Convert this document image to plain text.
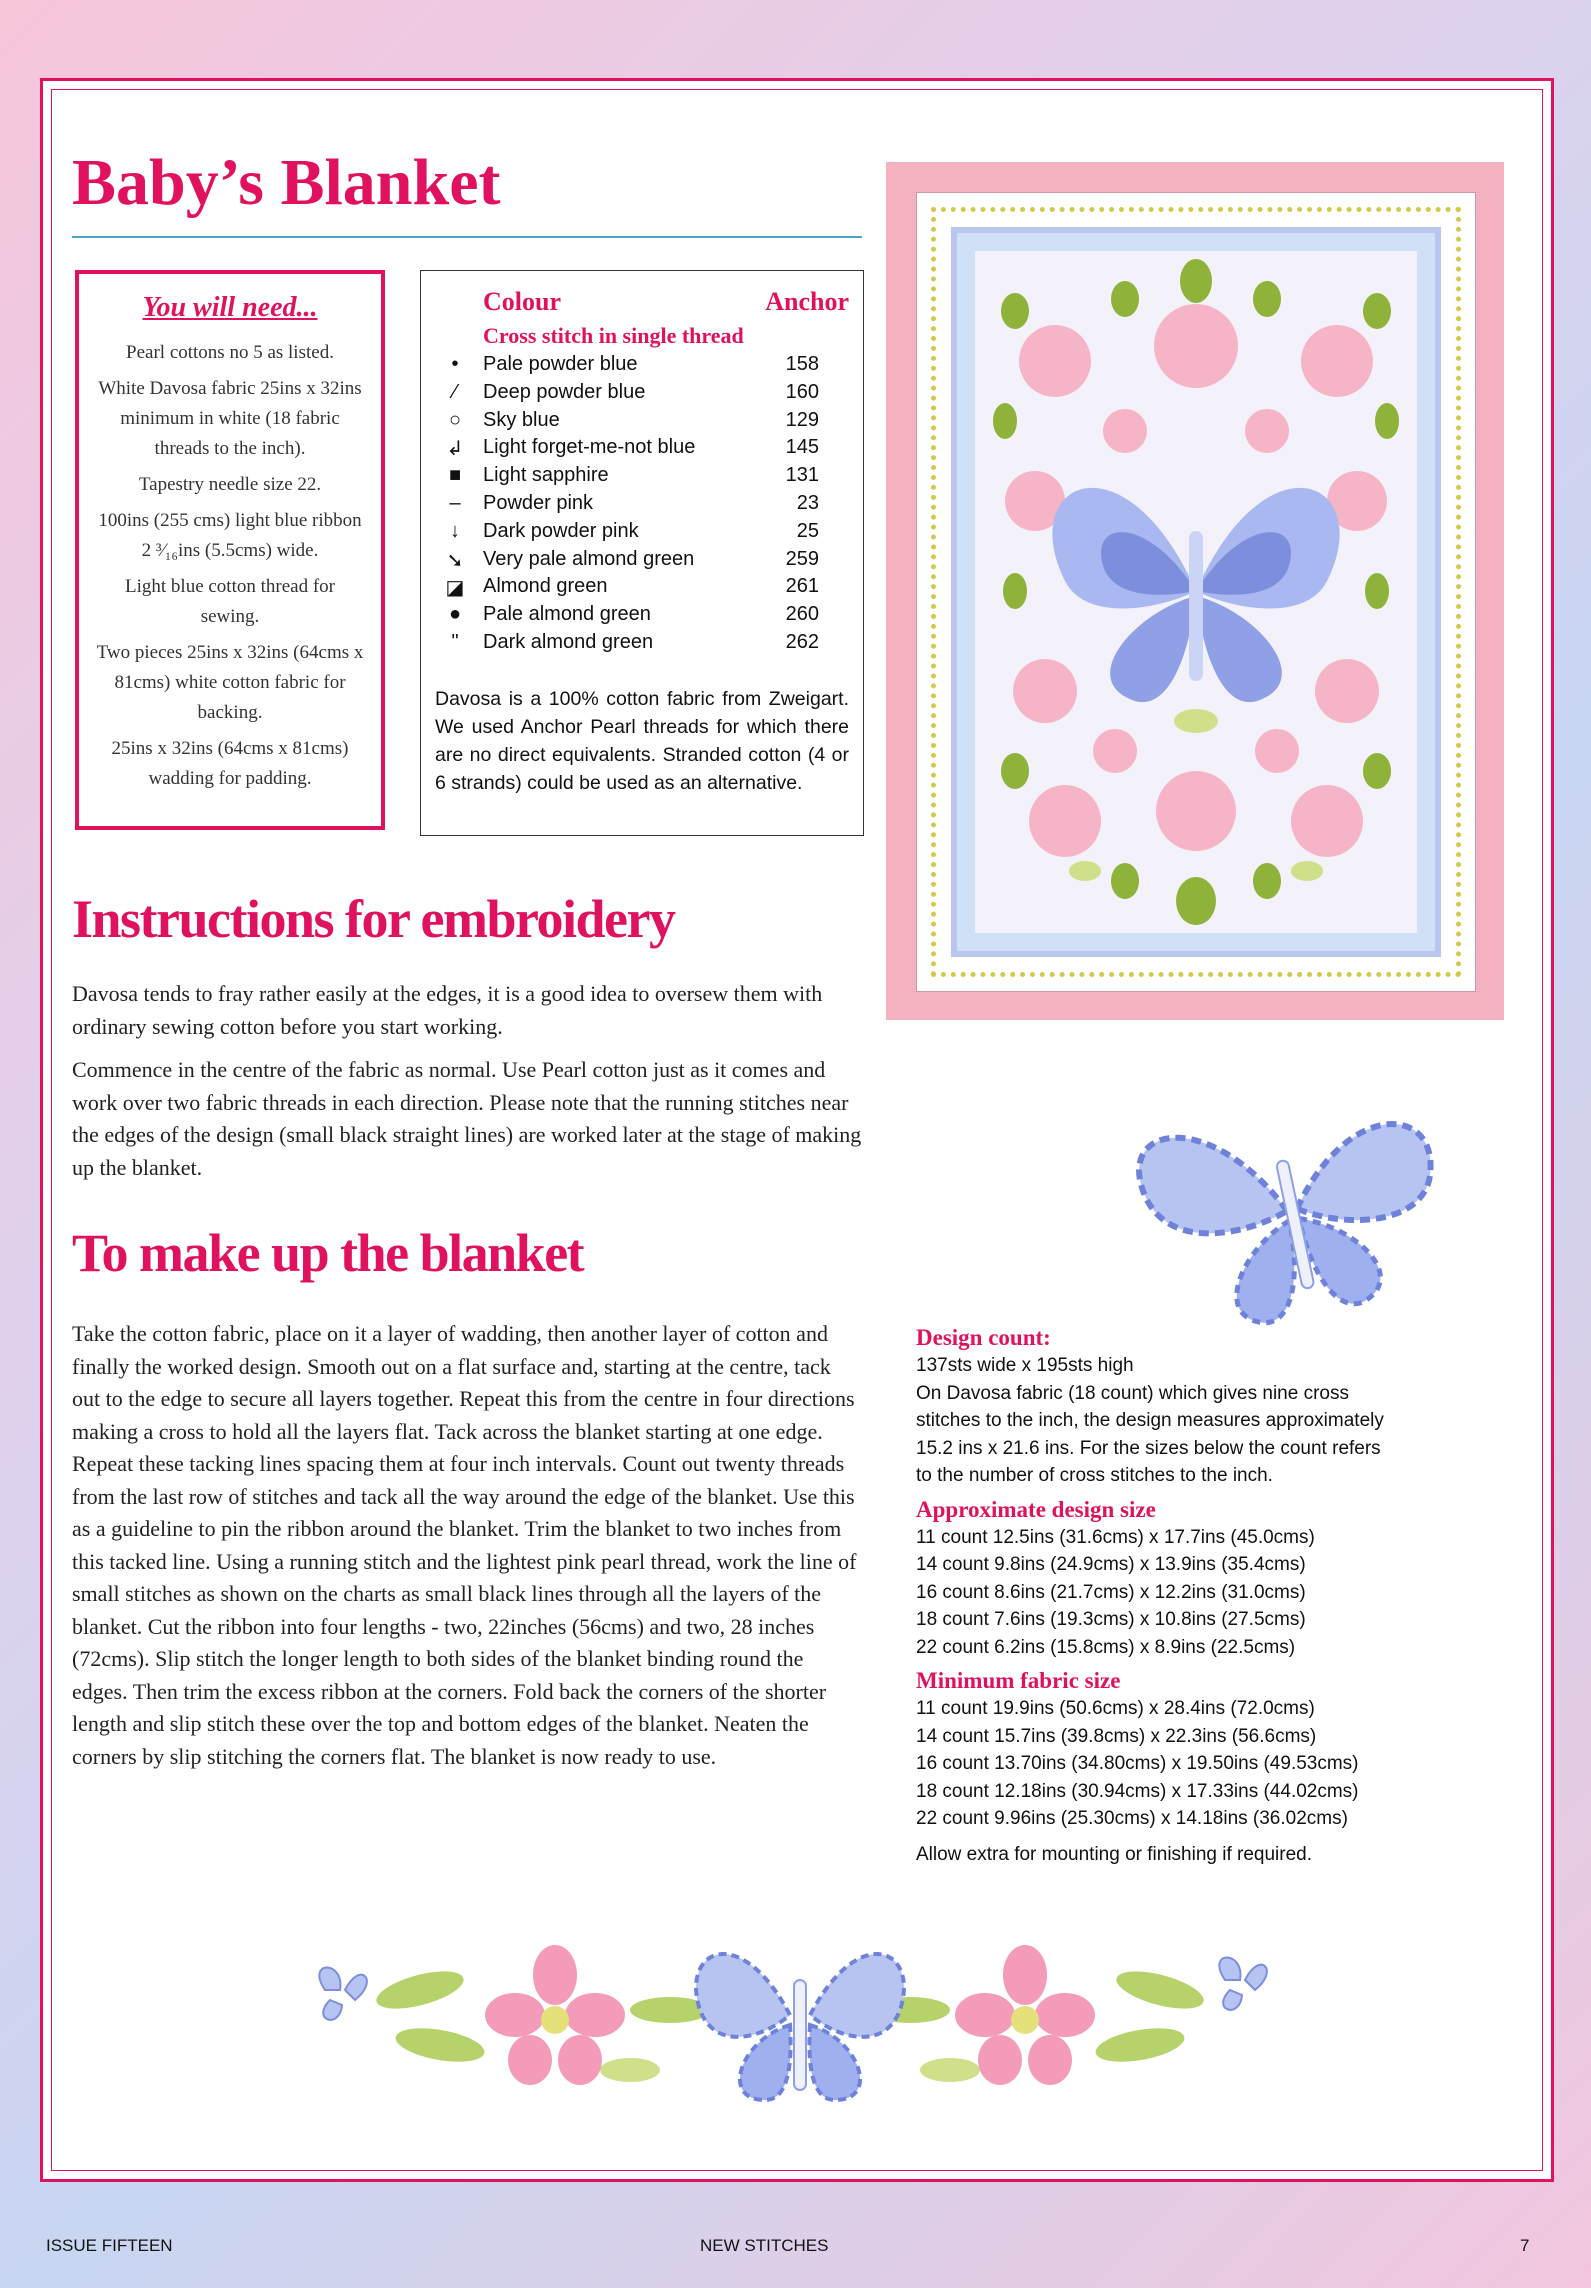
Baby’s Blanket

You will need...

Pearl cottons no 5 as listed.

White Davosa fabric 25ins x 32ins minimum in white (18 fabric threads to the inch).

Tapestry needle size 22.

100ins (255 cms) light blue ribbon 2 ³⁄₁₆ins (5.5cms) wide.

Light blue cotton thread for sewing.

Two pieces 25ins x 32ins (64cms x 81cms) white cotton fabric for backing.

25ins x 32ins (64cms x 81cms) wadding for padding.

Colour	Anchor
Cross stitch in single thread
•	Pale powder blue	158
⁄	Deep powder blue	160
○ Sky blue	129
↲ Light forget-me-not blue	145
■ Light sapphire	131
– Powder pink	23
↓ Dark powder pink	25
➘ Very pale almond green	259
◪ Almond green	261
● Pale almond green	260
"	Dark almond green	262
Davosa is a 100% cotton fabric from Zweigart. We used Anchor Pearl threads for which there are no direct equivalents. Stranded cotton (4 or 6 strands) could be used as an alternative.
Instructions for embroidery

Davosa tends to fray rather easily at the edges, it is a good idea to oversew them with ordinary sewing cotton before you start working.

Commence in the centre of the fabric as normal. Use Pearl cotton just as it comes and work over two fabric threads in each direction. Please note that the running stitches near the edges of the design (small black straight lines) are worked later at the stage of making up the blanket.

To make up the blanket

Take the cotton fabric, place on it a layer of wadding, then another layer of cotton and finally the worked design. Smooth out on a flat surface and, starting at the centre, tack out to the edge to secure all layers together. Repeat this from the centre in four directions making a cross to hold all the layers flat. Tack across the blanket starting at one edge. Repeat these tacking lines spacing them at four inch intervals. Count out twenty threads from the last row of stitches and tack all the way around the edge of the blanket. Use this as a guideline to pin the ribbon around the blanket. Trim the blanket to two inches from this tacked line. Using a running stitch and the lightest pink pearl thread, work the line of small stitches as shown on the charts as small black lines through all the layers of the blanket. Cut the ribbon into four lengths - two, 22inches (56cms) and two, 28 inches (72cms). Slip stitch the longer length to both sides of the blanket binding round the edges. Then trim the excess ribbon at the corners. Fold back the corners of the shorter length and slip stitch these over the top and bottom edges of the blanket. Neaten the corners by slip stitching the corners flat. The blanket is now ready to use.

Design count:
137sts wide x 195sts high
On Davosa fabric (18 count) which gives nine cross
stitches to the inch, the design measures approximately
15.2 ins x 21.6 ins. For the sizes below the count refers
to the number of cross stitches to the inch.
Approximate design size
11 count 12.5ins (31.6cms) x 17.7ins (45.0cms)
14 count 9.8ins (24.9cms) x 13.9ins (35.4cms)
16 count 8.6ins (21.7cms) x 12.2ins (31.0cms)
18 count 7.6ins (19.3cms) x 10.8ins (27.5cms)
22 count 6.2ins (15.8cms) x 8.9ins (22.5cms)
Minimum fabric size
11 count 19.9ins (50.6cms) x 28.4ins (72.0cms)
14 count 15.7ins (39.8cms) x 22.3ins (56.6cms)
16 count 13.70ins (34.80cms) x 19.50ins (49.53cms)
18 count 12.18ins (30.94cms) x 17.33ins (44.02cms)
22 count 9.96ins (25.30cms) x 14.18ins (36.02cms)
Allow extra for mounting or finishing if required.
ISSUE FIFTEEN	NEW STITCHES	7
